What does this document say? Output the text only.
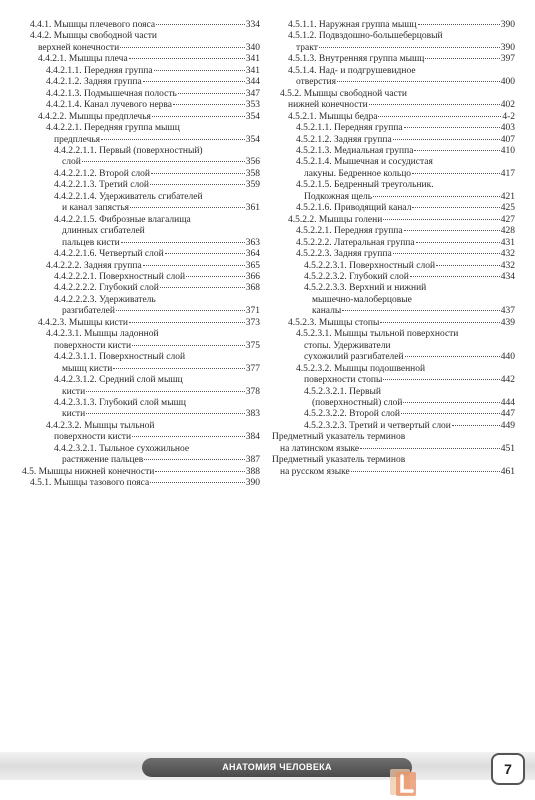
4.4.1. Мышцы плечевого пояса	334
4.4.2. Мышцы свободной части
верхней конечности	340
4.4.2.1. Мышцы плеча	341
4.4.2.1.1. Передняя группа	341
4.4.2.1.2. Задняя группа	344
4.4.2.1.3. Подмышечная полость	347
4.4.2.1.4. Канал лучевого нерва	353
4.4.2.2. Мышцы предплечья	354
4.4.2.2.1. Передняя группа мышц
предплечья	354
4.4.2.2.1.1. Первый (поверхностный)
слой	356
4.4.2.2.1.2. Второй слой	358
4.4.2.2.1.3. Третий слой	359
4.4.2.2.1.4. Удерживатель сгибателей
и канал запястья	361
4.4.2.2.1.5. Фиброзные влагалища
длинных сгибателей
пальцев кисти	363
4.4.2.2.1.6. Четвертый слой	364
4.4.2.2.2. Задняя группа	365
4.4.2.2.2.1. Поверхностный слой	366
4.4.2.2.2.2. Глубокий слой	368
4.4.2.2.2.3. Удерживатель
разгибателей	371
4.4.2.3. Мышцы кисти	373
4.4.2.3.1. Мышцы ладонной
поверхности кисти	375
4.4.2.3.1.1. Поверхностный слой
мышц кисти	377
4.4.2.3.1.2. Средний слой мышц
кисти	378
4.4.2.3.1.3. Глубокий слой мышц
кисти	383
4.4.2.3.2. Мышцы тыльной
поверхности кисти	384
4.4.2.3.2.1. Тыльное сухожильное
растяжение пальцев	387
4.5. Мышцы нижней конечности	388
4.5.1. Мышцы тазового пояса	390
4.5.1.1. Наружная группа мышц	390
4.5.1.2. Подвздошно-большеберцовый
тракт	390
4.5.1.3. Внутренняя группа мышц	397
4.5.1.4. Над- и подгрушевидное
отверстия	400
4.5.2. Мышцы свободной части
нижней конечности	402
4.5.2.1. Мышцы бедра	4-2
4.5.2.1.1. Передняя группа	403
4.5.2.1.2. Задняя группа	407
4.5.2.1.3. Медиальная группа	410
4.5.2.1.4. Мышечная и сосудистая
лакуны. Бедренное кольцо	417
4.5.2.1.5. Бедренный треугольник.
Подкожная щель	421
4.5.2.1.6. Приводящий канал	425
4.5.2.2. Мышцы голени	427
4.5.2.2.1. Передняя группа	428
4.5.2.2.2. Латеральная группа	431
4.5.2.2.3. Задняя группа	432
4.5.2.2.3.1. Поверхностный слой	432
4.5.2.2.3.2. Глубокий слой	434
4.5.2.2.3.3. Верхний и нижний
мышечно-малоберцовые
каналы	437
4.5.2.3. Мышцы стопы	439
4.5.2.3.1. Мышцы тыльной поверхности
стопы. Удерживатели
сухожилий разгибателей	440
4.5.2.3.2. Мышцы подошвенной
поверхности стопы	442
4.5.2.3.2.1. Первый
(поверхностный) слой	444
4.5.2.3.2.2. Второй слой	447
4.5.2.3.2.3. Третий и четвертый слои	449
Предметный указатель терминов
на латинском языке	451
Предметный указатель терминов
на русском языке	461
АНАТОМИЯ ЧЕЛОВЕКА	7
